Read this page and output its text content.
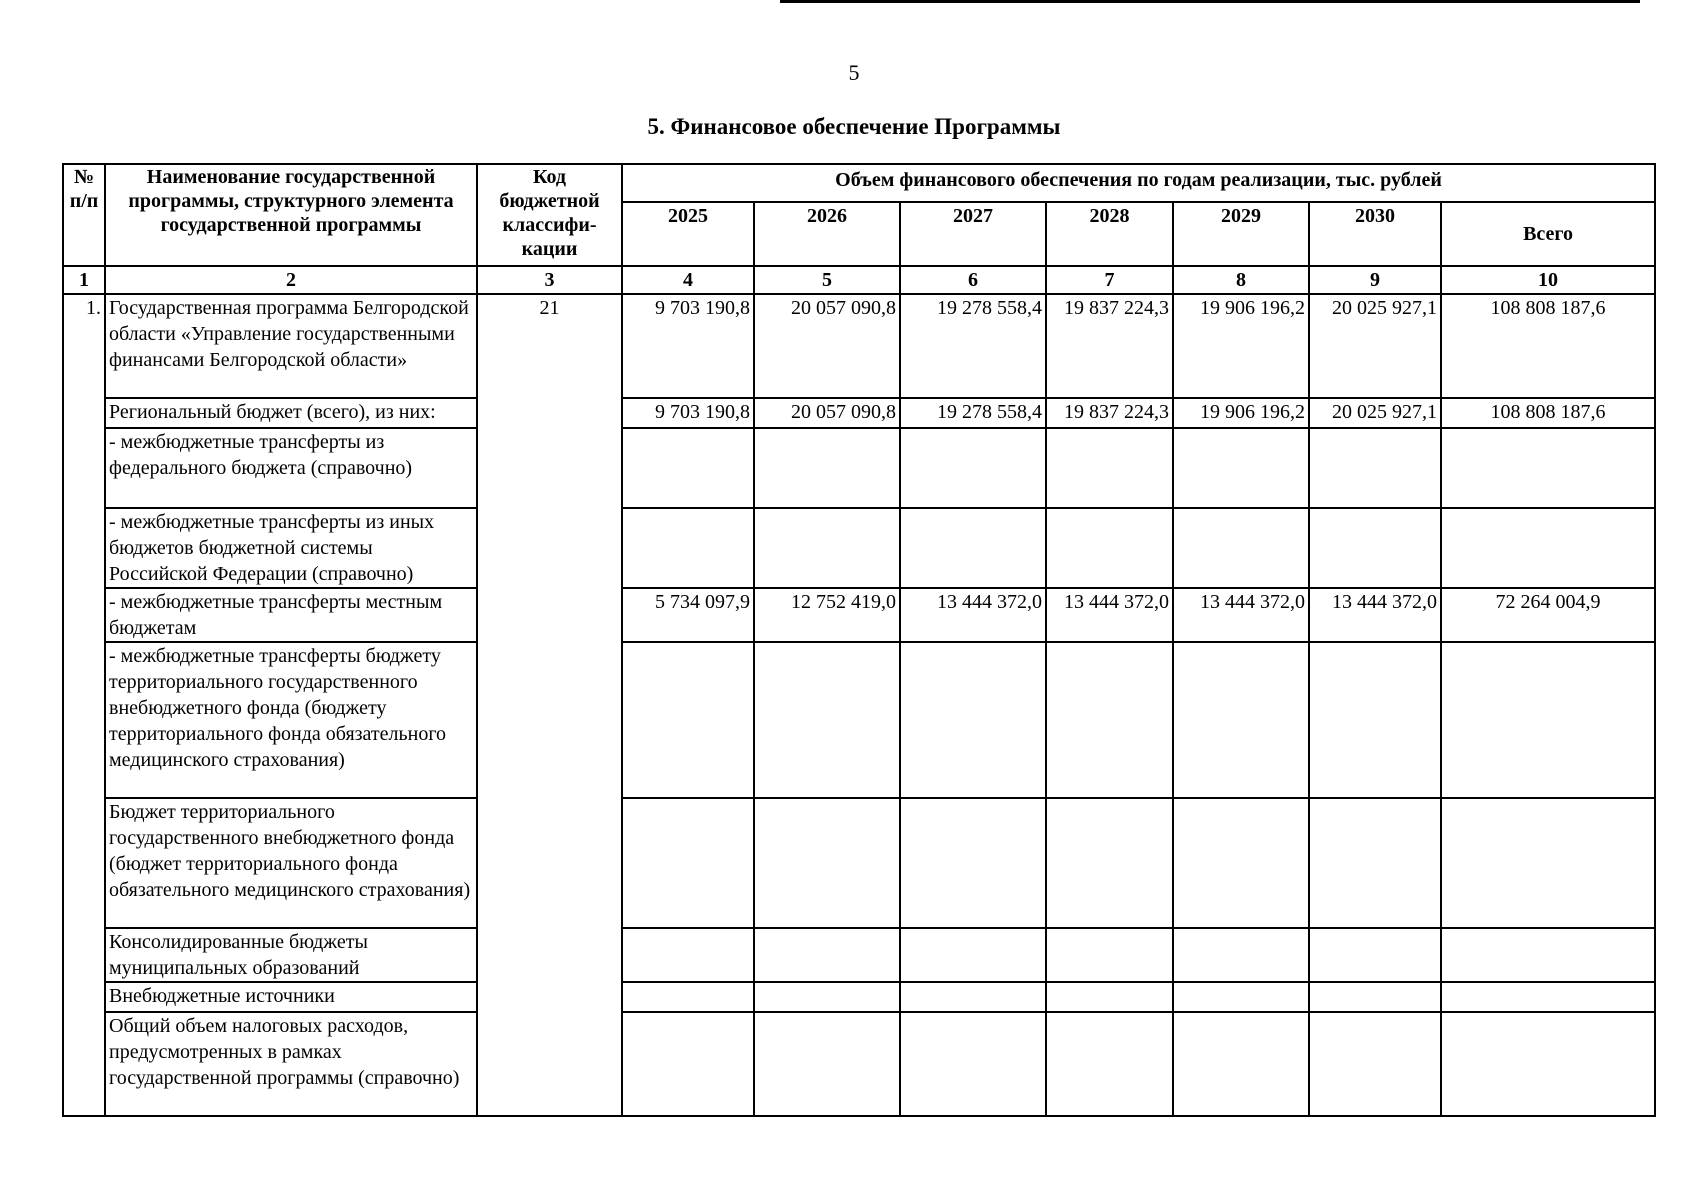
5
5. Финансовое обеспечение Программы
№ п/п	Наименование государственной программы, структурного элемента государственной программы	Код бюджетной классифи-кации	Объем финансового обеспечения по годам реализации, тыс. рублей						
			2025	2026	2027	2028	2029	2030	Всего
1	2	3	4	5	6	7	8	9	10
1.	Государственная программа Белгородской области «Управление государственными финансами Белгородской области»	21	9 703 190,8	20 057 090,8	19 278 558,4	19 837 224,3	19 906 196,2	20 025 927,1	108 808 187,6
	Региональный бюджет (всего), из них:		9 703 190,8	20 057 090,8	19 278 558,4	19 837 224,3	19 906 196,2	20 025 927,1	108 808 187,6
	- межбюджетные трансферты из федерального бюджета (справочно)								
	- межбюджетные трансферты из иных бюджетов бюджетной системы Российской Федерации (справочно)								
	- межбюджетные трансферты местным бюджетам		5 734 097,9	12 752 419,0	13 444 372,0	13 444 372,0	13 444 372,0	13 444 372,0	72 264 004,9
	- межбюджетные трансферты бюджету территориального государственного внебюджетного фонда (бюджету территориального фонда обязательного медицинского страхования)								
	Бюджет территориального государственного внебюджетного фонда (бюджет территориального фонда обязательного медицинского страхования)								
	Консолидированные бюджеты муниципальных образований								
	Внебюджетные источники								
	Общий объем налоговых расходов, предусмотренных в рамках государственной программы (справочно)								
